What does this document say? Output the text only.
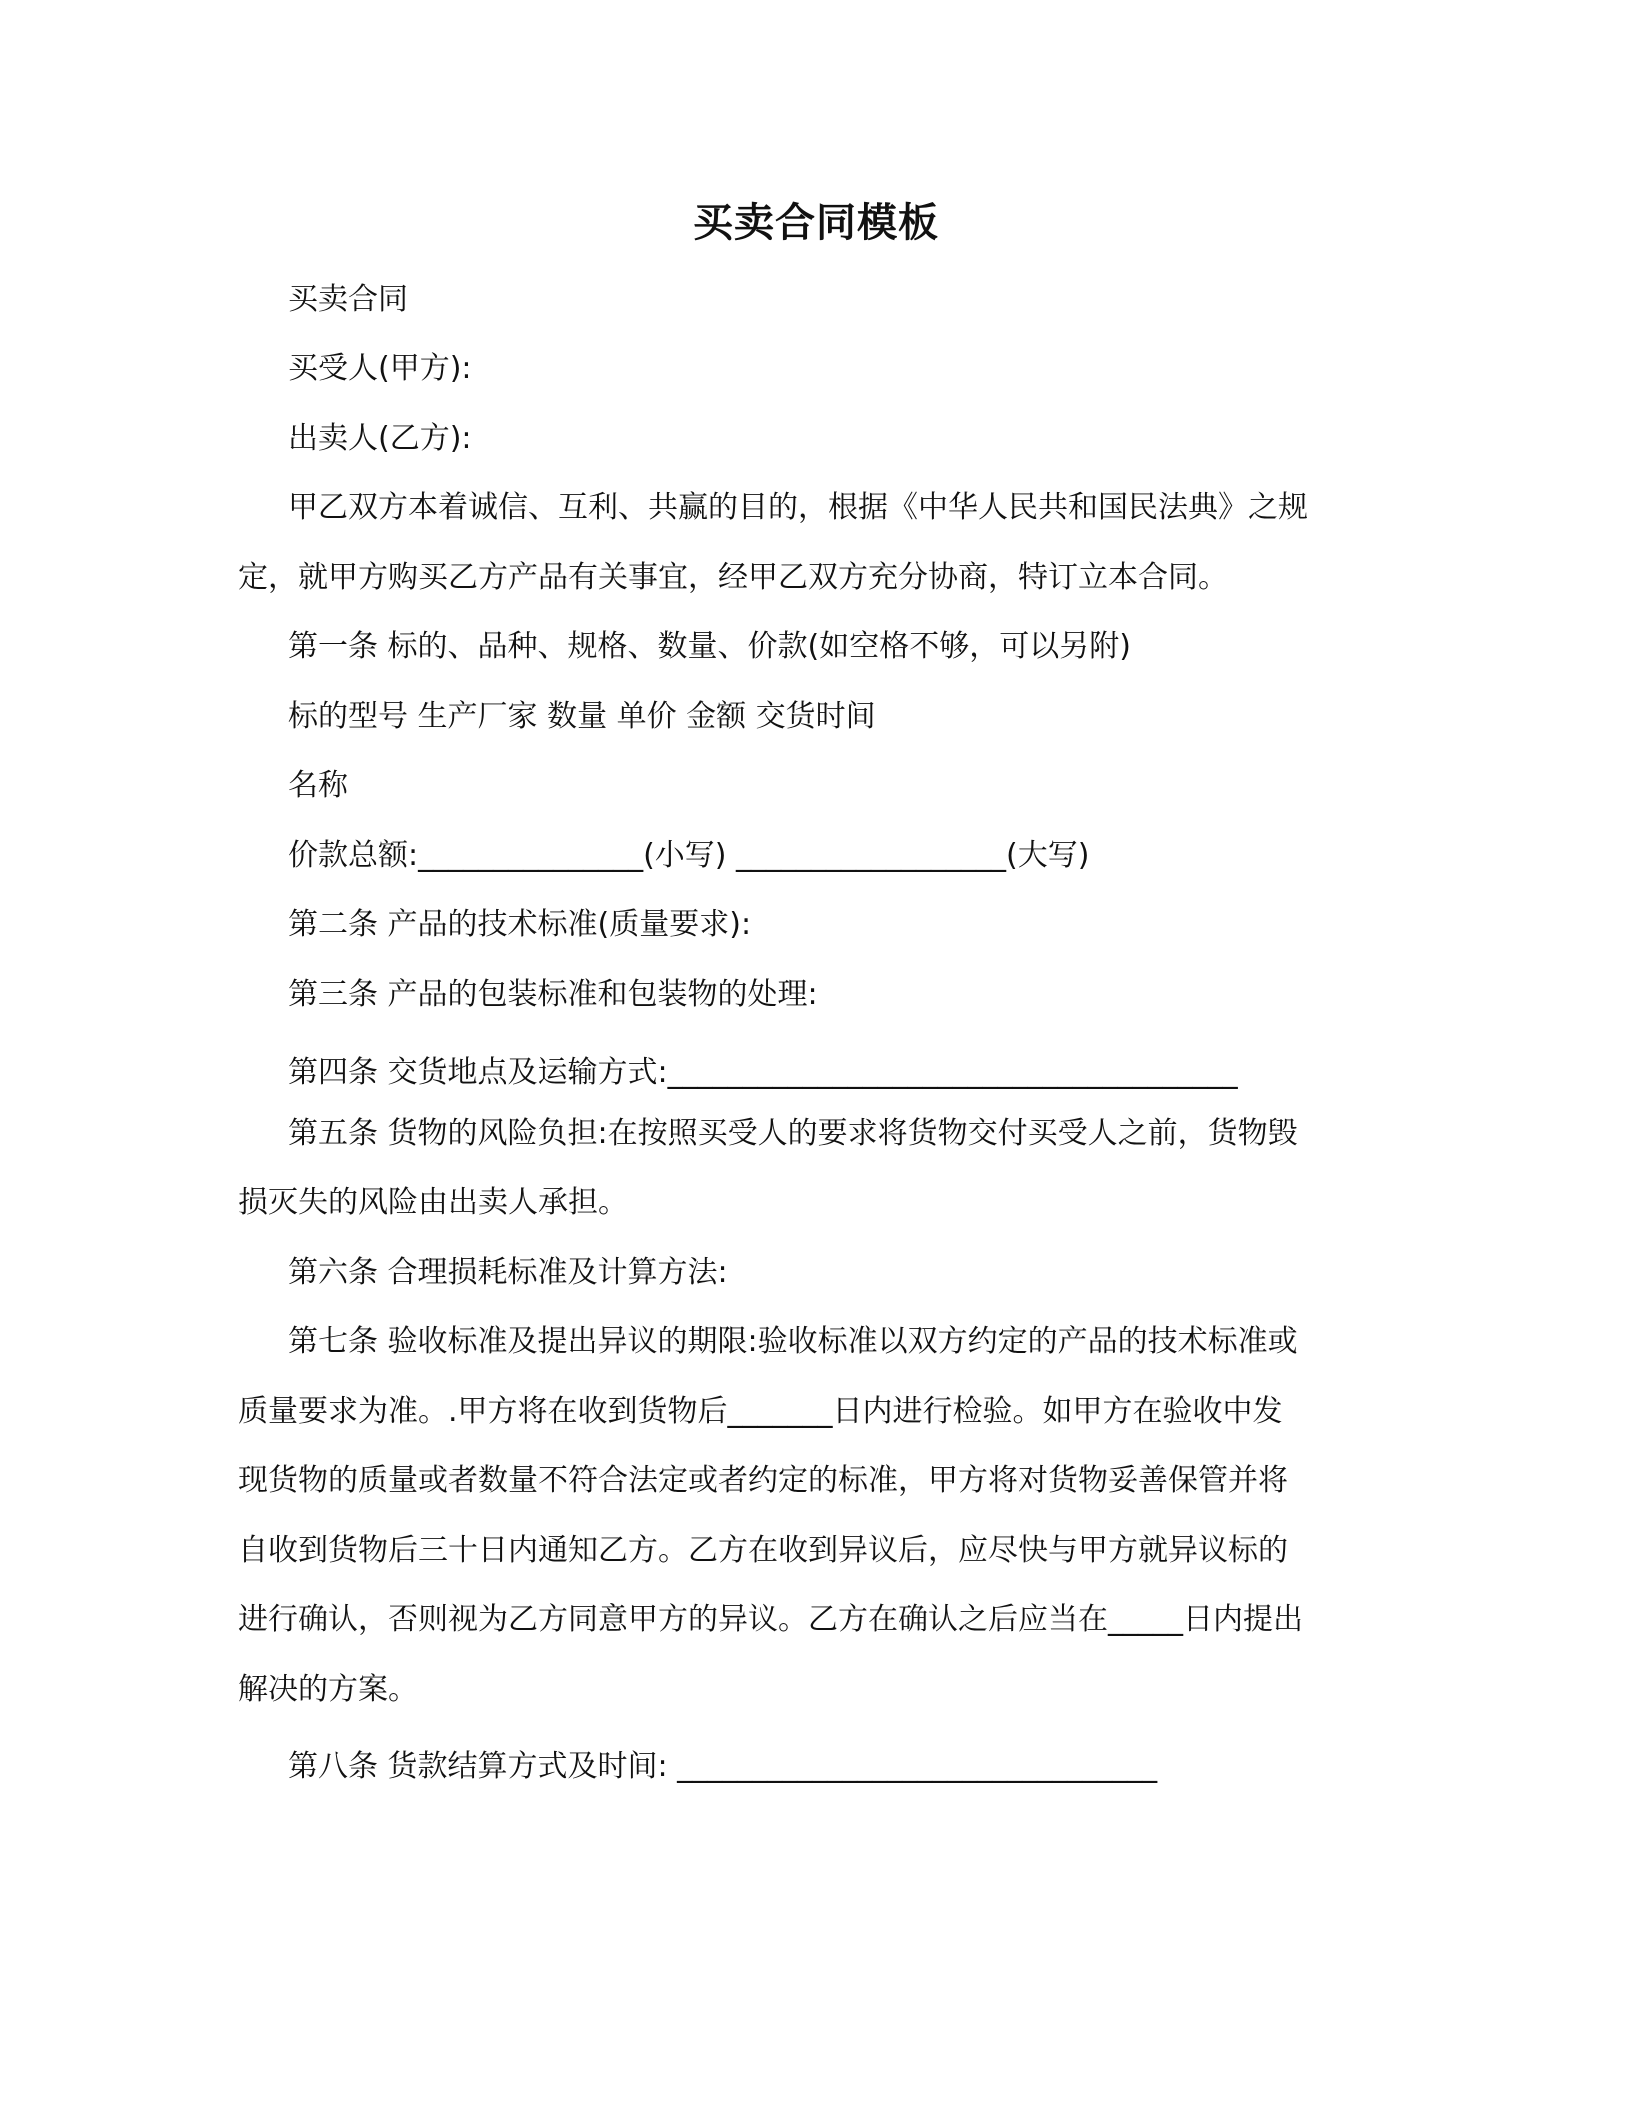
买卖合同模板
买卖合同
买受人(甲方):
出卖人(乙方):
甲乙双方本着诚信、互利、共赢的目的，根据《中华人民共和国民法典》之规
定，就甲方购买乙方产品有关事宜，经甲乙双方充分协商，特订立本合同。
第一条 标的、品种、规格、数量、价款(如空格不够，可以另附)
标的型号 生产厂家 数量 单价 金额 交货时间
名称
价款总额:_______________(小写) __________________(大写)
第二条 产品的技术标准(质量要求):
第三条 产品的包装标准和包装物的处理:
第四条 交货地点及运输方式:______________________________________
第五条 货物的风险负担:在按照买受人的要求将货物交付买受人之前，货物毁
损灭失的风险由出卖人承担。
第六条 合理损耗标准及计算方法:
第七条 验收标准及提出异议的期限:验收标准以双方约定的产品的技术标准或
质量要求为准。.甲方将在收到货物后_______日内进行检验。如甲方在验收中发
现货物的质量或者数量不符合法定或者约定的标准，甲方将对货物妥善保管并将
自收到货物后三十日内通知乙方。乙方在收到异议后，应尽快与甲方就异议标的
进行确认，否则视为乙方同意甲方的异议。乙方在确认之后应当在_____日内提出
解决的方案。
第八条 货款结算方式及时间: ________________________________
